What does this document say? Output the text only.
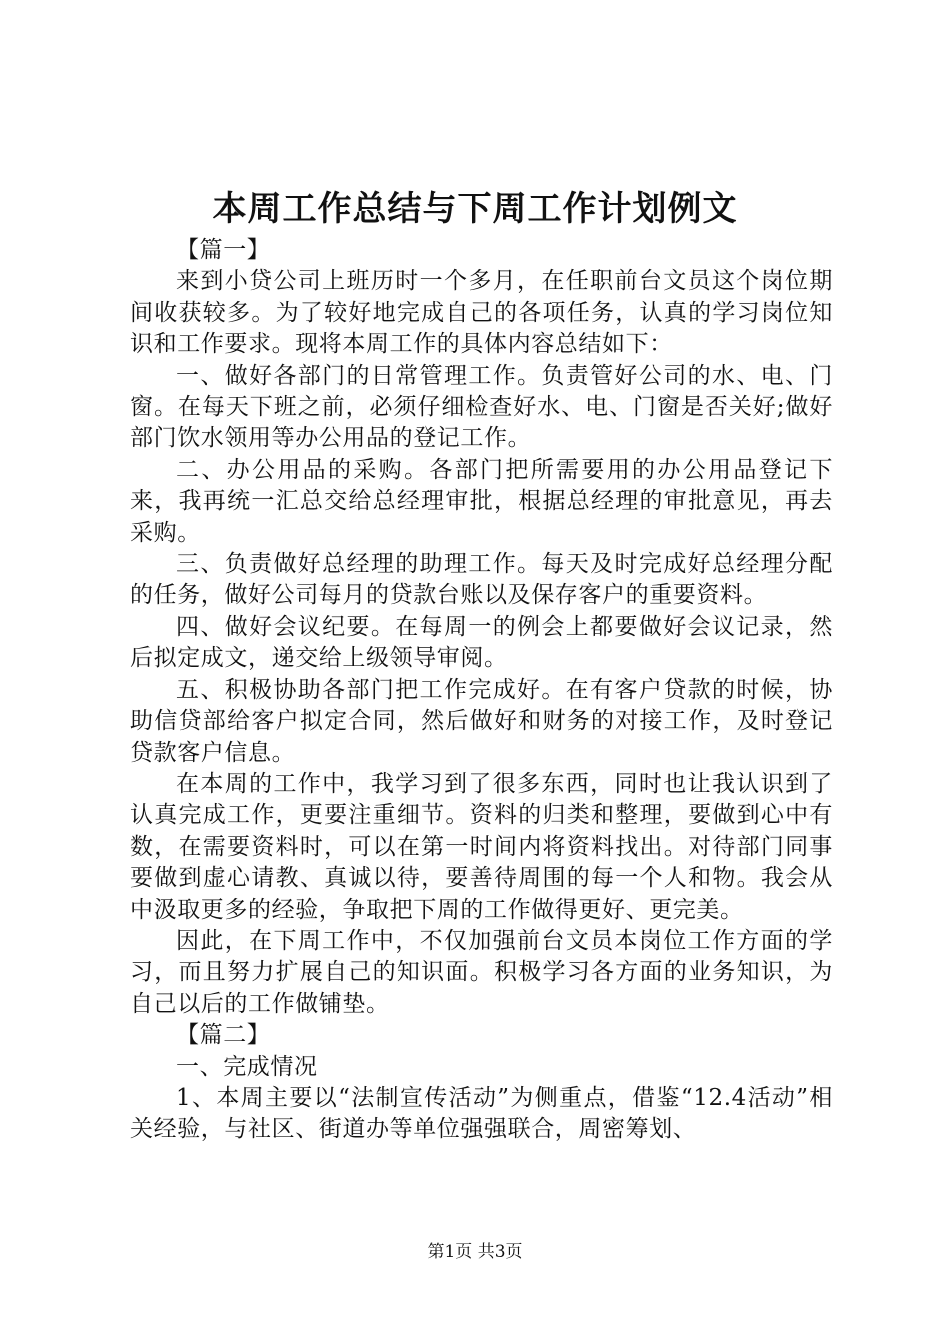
本周工作总结与下周工作计划例文

【篇一】

来到小贷公司上班历时一个多月，在任职前台文员这个岗位期间收获较多。为了较好地完成自己的各项任务，认真的学习岗位知识和工作要求。现将本周工作的具体内容总结如下：

一、做好各部门的日常管理工作。负责管好公司的水、电、门窗。在每天下班之前，必须仔细检查好水、电、门窗是否关好;做好部门饮水领用等办公用品的登记工作。

二、办公用品的采购。各部门把所需要用的办公用品登记下来，我再统一汇总交给总经理审批，根据总经理的审批意见，再去采购。

三、负责做好总经理的助理工作。每天及时完成好总经理分配的任务，做好公司每月的贷款台账以及保存客户的重要资料。

四、做好会议纪要。在每周一的例会上都要做好会议记录，然后拟定成文，递交给上级领导审阅。

五、积极协助各部门把工作完成好。在有客户贷款的时候，协助信贷部给客户拟定合同，然后做好和财务的对接工作，及时登记贷款客户信息。

在本周的工作中，我学习到了很多东西，同时也让我认识到了认真完成工作，更要注重细节。资料的归类和整理，要做到心中有数，在需要资料时，可以在第一时间内将资料找出。对待部门同事要做到虚心请教、真诚以待，要善待周围的每一个人和物。我会从中汲取更多的经验，争取把下周的工作做得更好、更完美。

因此，在下周工作中，不仅加强前台文员本岗位工作方面的学习，而且努力扩展自己的知识面。积极学习各方面的业务知识，为自己以后的工作做铺垫。

【篇二】

一、完成情况

1、本周主要以“法制宣传活动”为侧重点，借鉴“12.4活动”相关经验，与社区、街道办等单位强强联合，周密筹划、

第1页 共3页
